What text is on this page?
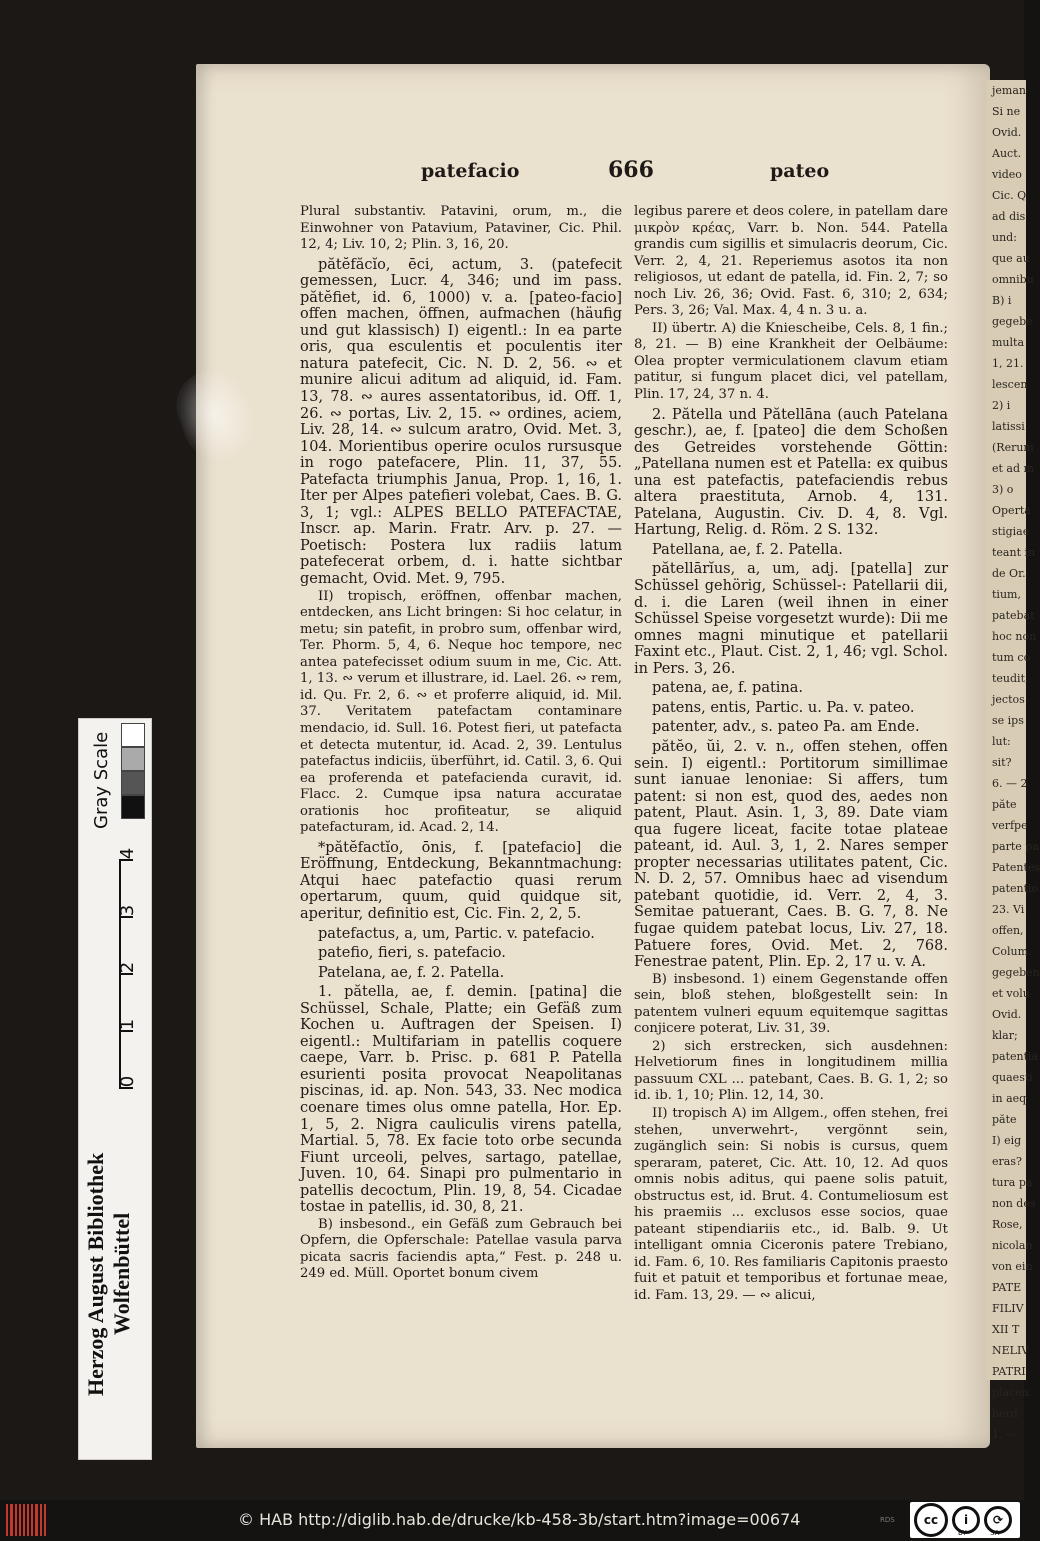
jeman
Si ne
Ovid.
Auct.
video
Cic. Q
ad dis
und:
que au
omnibu
B) i
gegebe
multa
1, 21.
lescen
2) i
latissi
(Rerum
et ad m
3) o
Operta
stigiae
teant in
de Or.
tium,
patebat
hoc non
tum co
teudit,
jectos
se ips
lut:
sit?
6. — 2
păte
verfpe
parte pa
Patentes
patentio
23. Vi
offen,
Colum.
gegeben
et volu
Ovid.
klar;
patentia
quaesti
in aeq
păte
I) eig
eras?
tura pa
non des
Rose,
nicolan
von ein
PATE
FILIV
XII T
NELIV
PATRI
placen
berd
1. —
patefacio	666	pateo

Plural substantiv. Patavini, orum, m., die Einwohner von Patavium, Pataviner, Cic. Phil. 12, 4; Liv. 10, 2; Plin. 3, 16, 20.

pătĕfăcĭo, ēci, actum, 3. (patefecit gemessen, Lucr. 4, 346; und im pass. pătĕfiet, id. 6, 1000) v. a. [pateo-facio] offen machen, öffnen, aufmachen (häufig und gut klassisch) I) eigentl.: In ea parte oris, qua esculentis et poculentis iter natura patefecit, Cic. N. D. 2, 56. ∾ et munire alicui aditum ad aliquid, id. Fam. 13, 78. ∾ aures assentatoribus, id. Off. 1, 26. ∾ portas, Liv. 2, 15. ∾ ordines, aciem, Liv. 28, 14. ∾ sulcum aratro, Ovid. Met. 3, 104. Morientibus operire oculos rursusque in rogo patefacere, Plin. 11, 37, 55. Patefacta triumphis Janua, Prop. 1, 16, 1. Iter per Alpes patefieri volebat, Caes. B. G. 3, 1; vgl.: ALPES BELLO PATEFACTAE, Inscr. ap. Marin. Fratr. Arv. p. 27. — Poetisch: Postera lux radiis latum patefecerat orbem, d. i. hatte sichtbar gemacht, Ovid. Met. 9, 795.

II) tropisch, eröffnen, offenbar machen, entdecken, ans Licht bringen: Si hoc celatur, in metu; sin patefit, in probro sum, offenbar wird, Ter. Phorm. 5, 4, 6. Neque hoc tempore, nec antea patefecisset odium suum in me, Cic. Att. 1, 13. ∾ verum et illustrare, id. Lael. 26. ∾ rem, id. Qu. Fr. 2, 6. ∾ et proferre aliquid, id. Mil. 37. Veritatem patefactam contaminare mendacio, id. Sull. 16. Potest fieri, ut patefacta et detecta mutentur, id. Acad. 2, 39. Lentulus patefactus indiciis, überführt, id. Catil. 3, 6. Qui ea proferenda et patefacienda curavit, id. Flacc. 2. Cumque ipsa natura accuratae orationis hoc profiteatur, se aliquid patefacturam, id. Acad. 2, 14.

*pătĕfactĭo, ōnis, f. [patefacio] die Eröffnung, Entdeckung, Bekanntmachung: Atqui haec patefactio quasi rerum opertarum, quum, quid quidque sit, aperitur, definitio est, Cic. Fin. 2, 2, 5.

patefactus, a, um, Partic. v. patefacio.

patefio, fieri, s. patefacio.

Patelana, ae, f. 2. Patella.

1. pătella, ae, f. demin. [patina] die Schüssel, Schale, Platte; ein Gefäß zum Kochen u. Auftragen der Speisen. I) eigentl.: Multifariam in patellis coquere caepe, Varr. b. Prisc. p. 681 P. Patella esurienti posita provocat Neapolitanas piscinas, id. ap. Non. 543, 33. Nec modica coenare times olus omne patella, Hor. Ep. 1, 5, 2. Nigra cauliculis virens patella, Martial. 5, 78. Ex facie toto orbe secunda Fiunt urceoli, pelves, sartago, patellae, Juven. 10, 64. Sinapi pro pulmentario in patellis decoctum, Plin. 19, 8, 54. Cicadae tostae in patellis, id. 30, 8, 21.

B) insbesond., ein Gefäß zum Gebrauch bei Opfern, die Opferschale: Patellae vasula parva picata sacris faciendis apta,“ Fest. p. 248 u. 249 ed. Müll. Oportet bonum civem

legibus parere et deos colere, in patellam dare μικρὸν κρέας, Varr. b. Non. 544. Patella grandis cum sigillis et simulacris deorum, Cic. Verr. 2, 4, 21. Reperiemus asotos ita non religiosos, ut edant de patella, id. Fin. 2, 7; so noch Liv. 26, 36; Ovid. Fast. 6, 310; 2, 634; Pers. 3, 26; Val. Max. 4, 4 n. 3 u. a.

II) übertr. A) die Kniescheibe, Cels. 8, 1 fin.; 8, 21. — B) eine Krankheit der Oelbäume: Olea propter vermiculationem clavum etiam patitur, si fungum placet dici, vel patellam, Plin. 17, 24, 37 n. 4.

2. Pătella und Pătellāna (auch Patelana geschr.), ae, f. [pateo] die dem Schoßen des Getreides vorstehende Göttin: „Patellana numen est et Patella: ex quibus una est patefactis, patefaciendis rebus altera praestituta, Arnob. 4, 131. Patelana, Augustin. Civ. D. 4, 8. Vgl. Hartung, Relig. d. Röm. 2 S. 132.

Patellana, ae, f. 2. Patella.

pătellārĭus, a, um, adj. [patella] zur Schüssel gehörig, Schüssel-: Patellarii dii, d. i. die Laren (weil ihnen in einer Schüssel Speise vorgesetzt wurde): Dii me omnes magni minutique et patellarii Faxint etc., Plaut. Cist. 2, 1, 46; vgl. Schol. in Pers. 3, 26.

patena, ae, f. patina.

patens, entis, Partic. u. Pa. v. pateo.

patenter, adv., s. pateo Pa. am Ende.

pătĕo, ŭi, 2. v. n., offen stehen, offen sein. I) eigentl.: Portitorum simillimae sunt ianuae lenoniae: Si affers, tum patent: si non est, quod des, aedes non patent, Plaut. Asin. 1, 3, 89. Date viam qua fugere liceat, facite totae plateae pateant, id. Aul. 3, 1, 2. Nares semper propter necessarias utilitates patent, Cic. N. D. 2, 57. Omnibus haec ad visendum patebant quotidie, id. Verr. 2, 4, 3. Semitae patuerant, Caes. B. G. 7, 8. Ne fugae quidem patebat locus, Liv. 27, 18. Patuere fores, Ovid. Met. 2, 768. Fenestrae patent, Plin. Ep. 2, 17 u. v. A.

B) insbesond. 1) einem Gegenstande offen sein, bloß stehen, bloßgestellt sein: In patentem vulneri equum equitemque sagittas conjicere poterat, Liv. 31, 39.

2) sich erstrecken, sich ausdehnen: Helvetiorum fines in longitudinem millia passuum CXL ... patebant, Caes. B. G. 1, 2; so id. ib. 1, 10; Plin. 12, 14, 30.

II) tropisch A) im Allgem., offen stehen, frei stehen, unverwehrt-, vergönnt sein, zugänglich sein: Si nobis is cursus, quem speraram, pateret, Cic. Att. 10, 12. Ad quos omnis nobis aditus, qui paene solis patuit, obstructus est, id. Brut. 4. Contumeliosum est his praemiis ... exclusos esse socios, quae pateant stipendiariis etc., id. Balb. 9. Ut intelligant omnia Ciceronis patere Trebiano, id. Fam. 6, 10. Res familiaris Capitonis praesto fuit et patuit et temporibus et fortunae meae, id. Fam. 13, 29. — ∾ alicui,

Gray Scale
0
1
2
3
4
Herzog August Bibliothek
Wolfenbüttel
© HAB http://diglib.hab.de/drucke/kb-458-3b/start.htm?image=00674	RDS	cc	i	⟳
BY	SA
